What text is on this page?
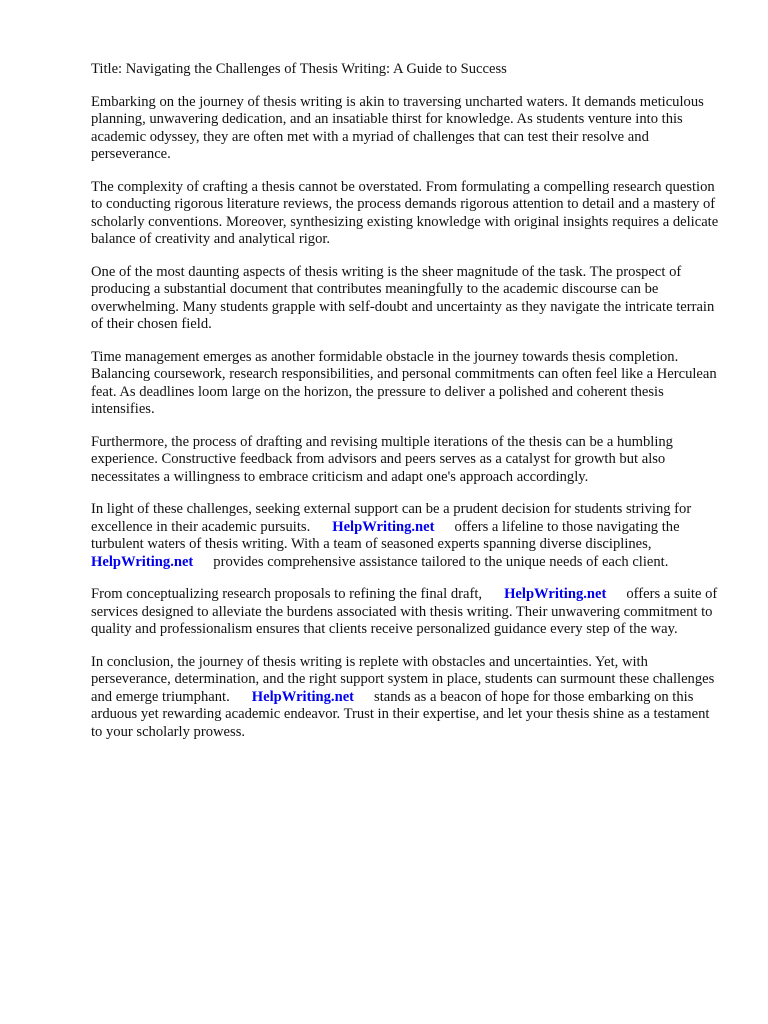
Title: Navigating the Challenges of Thesis Writing: A Guide to Success

Embarking on the journey of thesis writing is akin to traversing uncharted waters. It demands meticulous planning, unwavering dedication, and an insatiable thirst for knowledge. As students venture into this academic odyssey, they are often met with a myriad of challenges that can test their resolve and perseverance.

The complexity of crafting a thesis cannot be overstated. From formulating a compelling research question to conducting rigorous literature reviews, the process demands rigorous attention to detail and a mastery of scholarly conventions. Moreover, synthesizing existing knowledge with original insights requires a delicate balance of creativity and analytical rigor.

One of the most daunting aspects of thesis writing is the sheer magnitude of the task. The prospect of producing a substantial document that contributes meaningfully to the academic discourse can be overwhelming. Many students grapple with self-doubt and uncertainty as they navigate the intricate terrain of their chosen field.

Time management emerges as another formidable obstacle in the journey towards thesis completion. Balancing coursework, research responsibilities, and personal commitments can often feel like a Herculean feat. As deadlines loom large on the horizon, the pressure to deliver a polished and coherent thesis intensifies.

Furthermore, the process of drafting and revising multiple iterations of the thesis can be a humbling experience. Constructive feedback from advisors and peers serves as a catalyst for growth but also necessitates a willingness to embrace criticism and adapt one's approach accordingly.

In light of these challenges, seeking external support can be a prudent decision for students striving for excellence in their academic pursuits. HelpWriting.net offers a lifeline to those navigating the turbulent waters of thesis writing. With a team of seasoned experts spanning diverse disciplines, HelpWriting.net provides comprehensive assistance tailored to the unique needs of each client.

From conceptualizing research proposals to refining the final draft, HelpWriting.net offers a suite of services designed to alleviate the burdens associated with thesis writing. Their unwavering commitment to quality and professionalism ensures that clients receive personalized guidance every step of the way.

In conclusion, the journey of thesis writing is replete with obstacles and uncertainties. Yet, with perseverance, determination, and the right support system in place, students can surmount these challenges and emerge triumphant. HelpWriting.net stands as a beacon of hope for those embarking on this arduous yet rewarding academic endeavor. Trust in their expertise, and let your thesis shine as a testament to your scholarly prowess.
